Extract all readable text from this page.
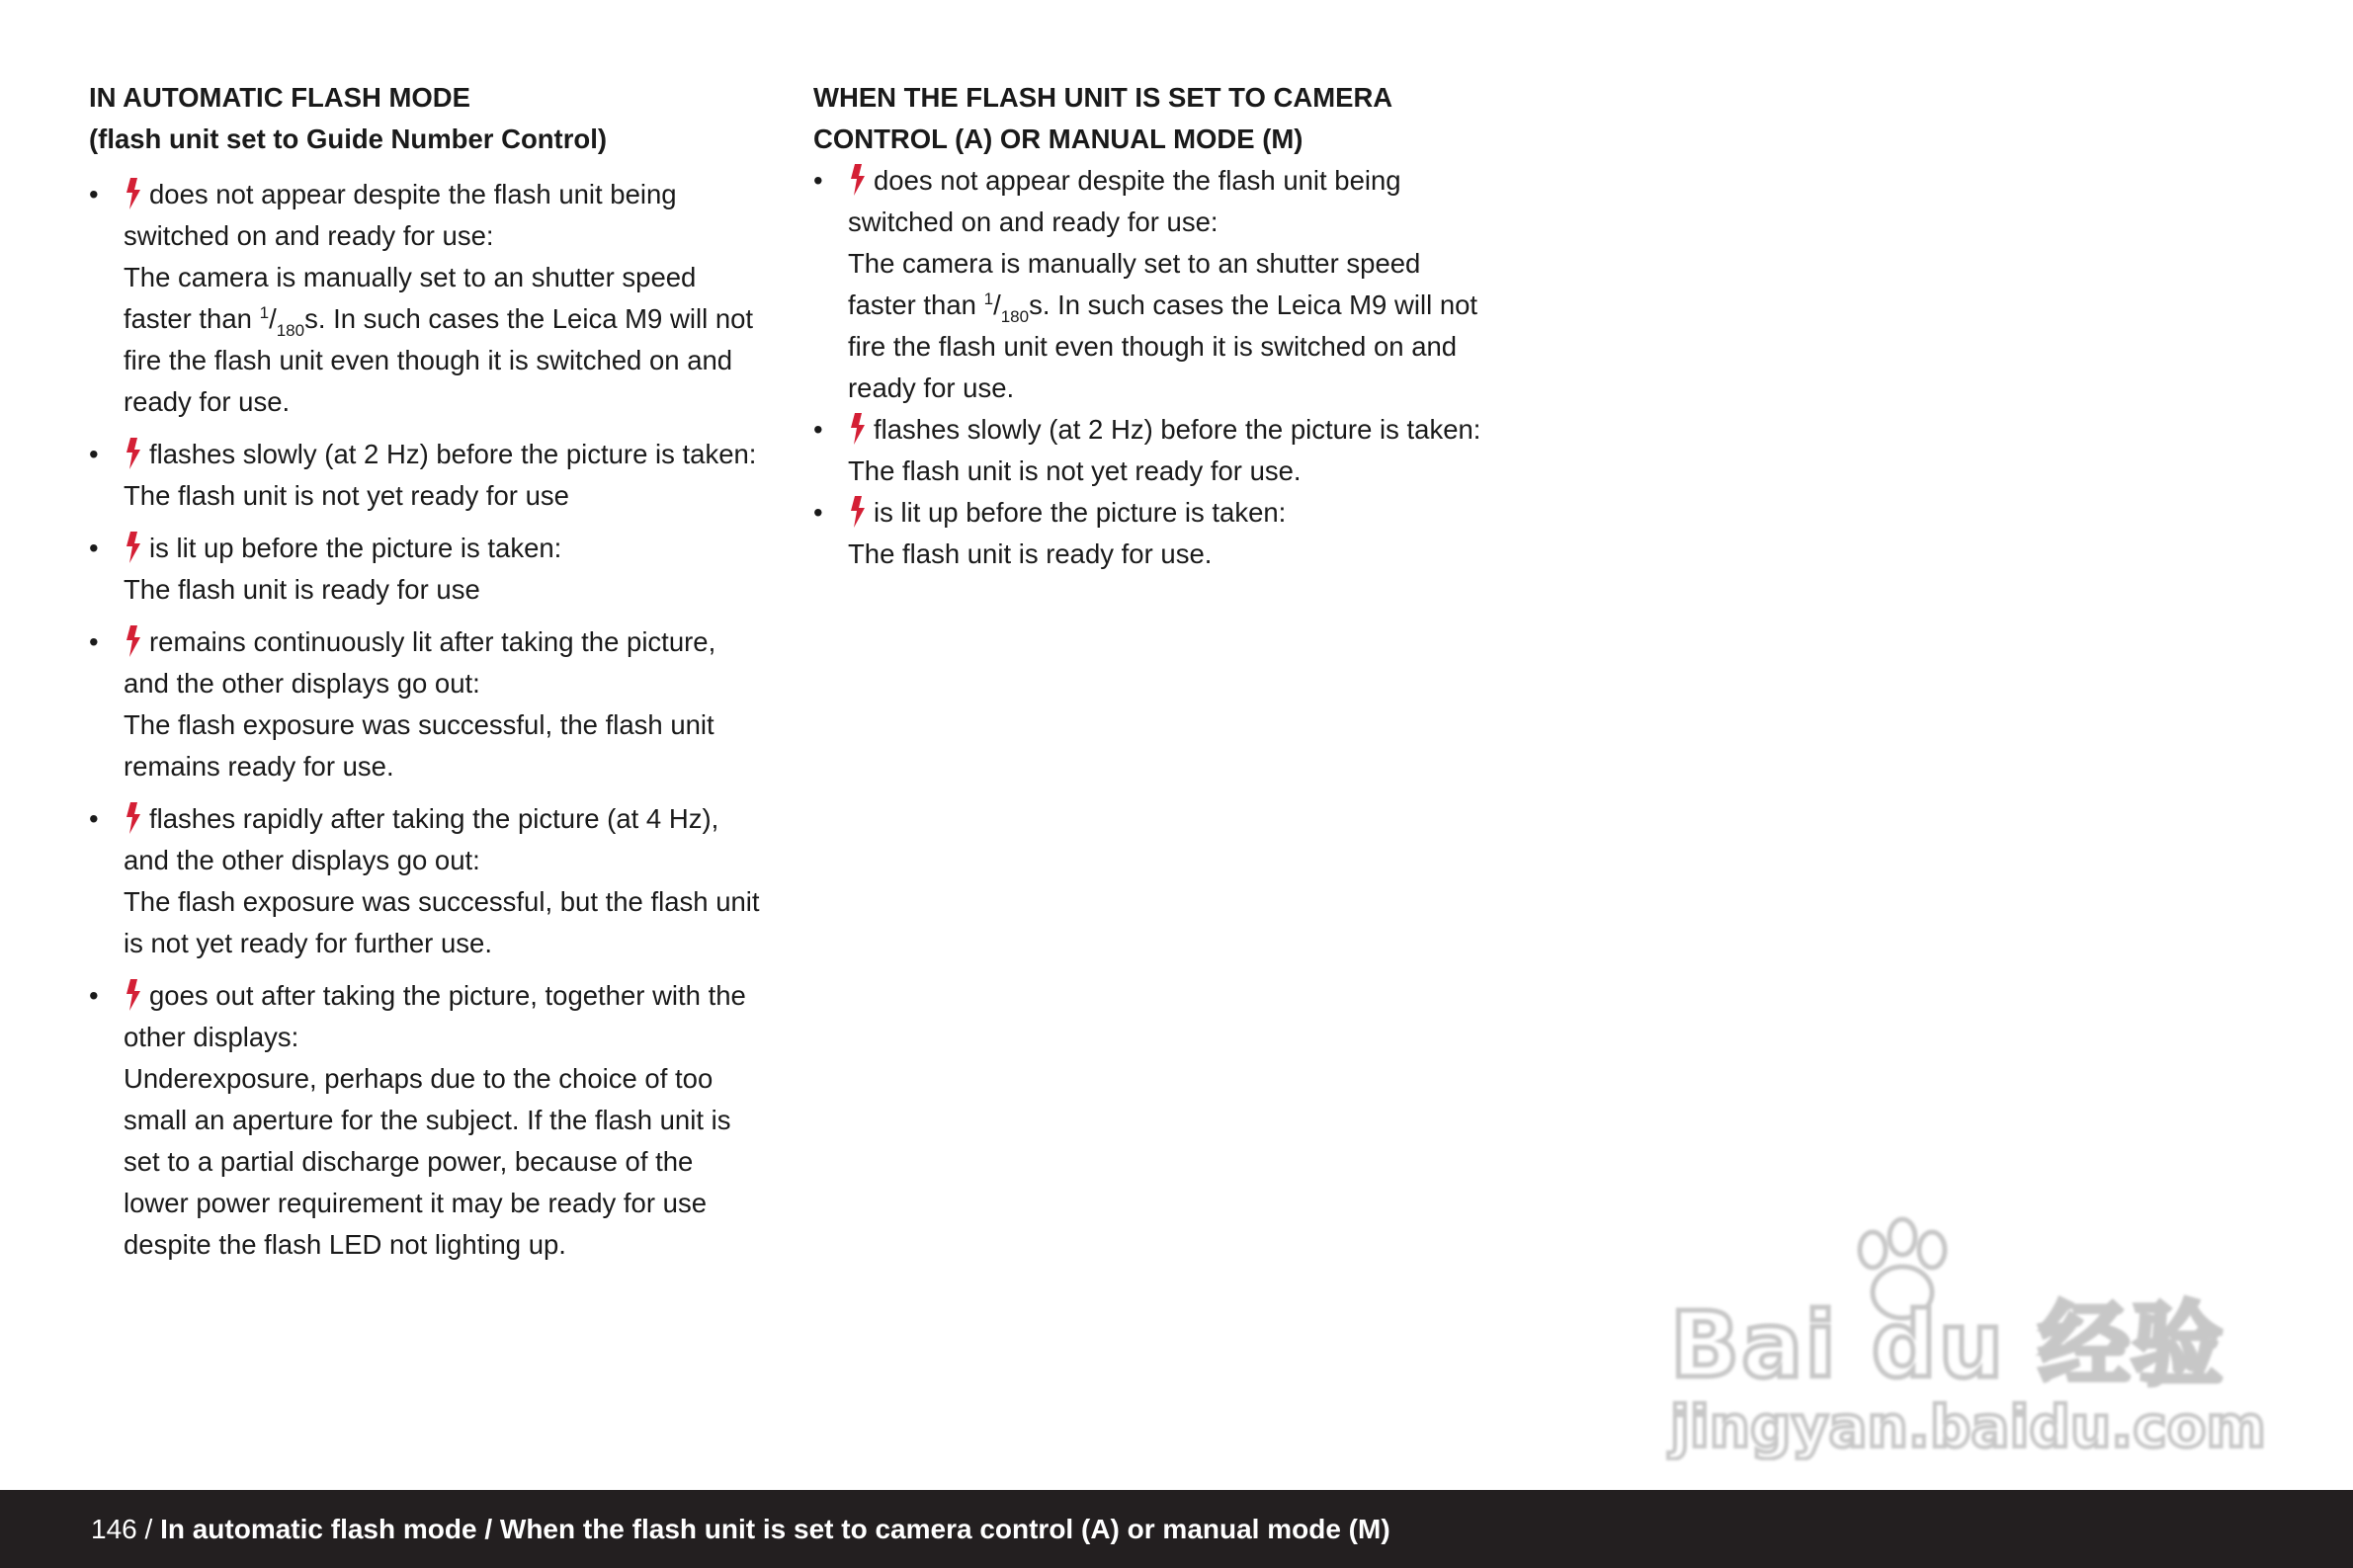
IN AUTOMATIC FLASH MODE
(flash unit set to Guide Number Control)
• does not appear despite the flash unit being switched on and ready for use:
The camera is manually set to an shutter speed faster than $^1/_{180}s$. In such cases the Leica M9 will not fire the flash unit even though it is switched on and ready for use.
• flashes slowly (at 2 Hz) before the picture is taken:
The flash unit is not yet ready for use
• is lit up before the picture is taken:
The flash unit is ready for use
• remains continuously lit after taking the picture, and the other displays go out:
The flash exposure was successful, the flash unit remains ready for use.
• flashes rapidly after taking the picture (at 4 Hz), and the other displays go out:
The flash exposure was successful, but the flash unit is not yet ready for further use.
• goes out after taking the picture, together with the other displays:
Underexposure, perhaps due to the choice of too small an aperture for the subject. If the flash unit is set to a partial discharge power, because of the lower power requirement it may be ready for use despite the flash LED not lighting up.
WHEN THE FLASH UNIT IS SET TO CAMERA
CONTROL (A) OR MANUAL MODE (M)
• does not appear despite the flash unit being switched on and ready for use:
The camera is manually set to an shutter speed faster than $^1/_{180}s$. In such cases the Leica M9 will not fire the flash unit even though it is switched on and ready for use.
• flashes slowly (at 2 Hz) before the picture is taken:
The flash unit is not yet ready for use.
• is lit up before the picture is taken:
The flash unit is ready for use.
Bai du 经验
jingyan.baidu.com
146 / In automatic flash mode / When the flash unit is set to camera control (A) or manual mode (M)
